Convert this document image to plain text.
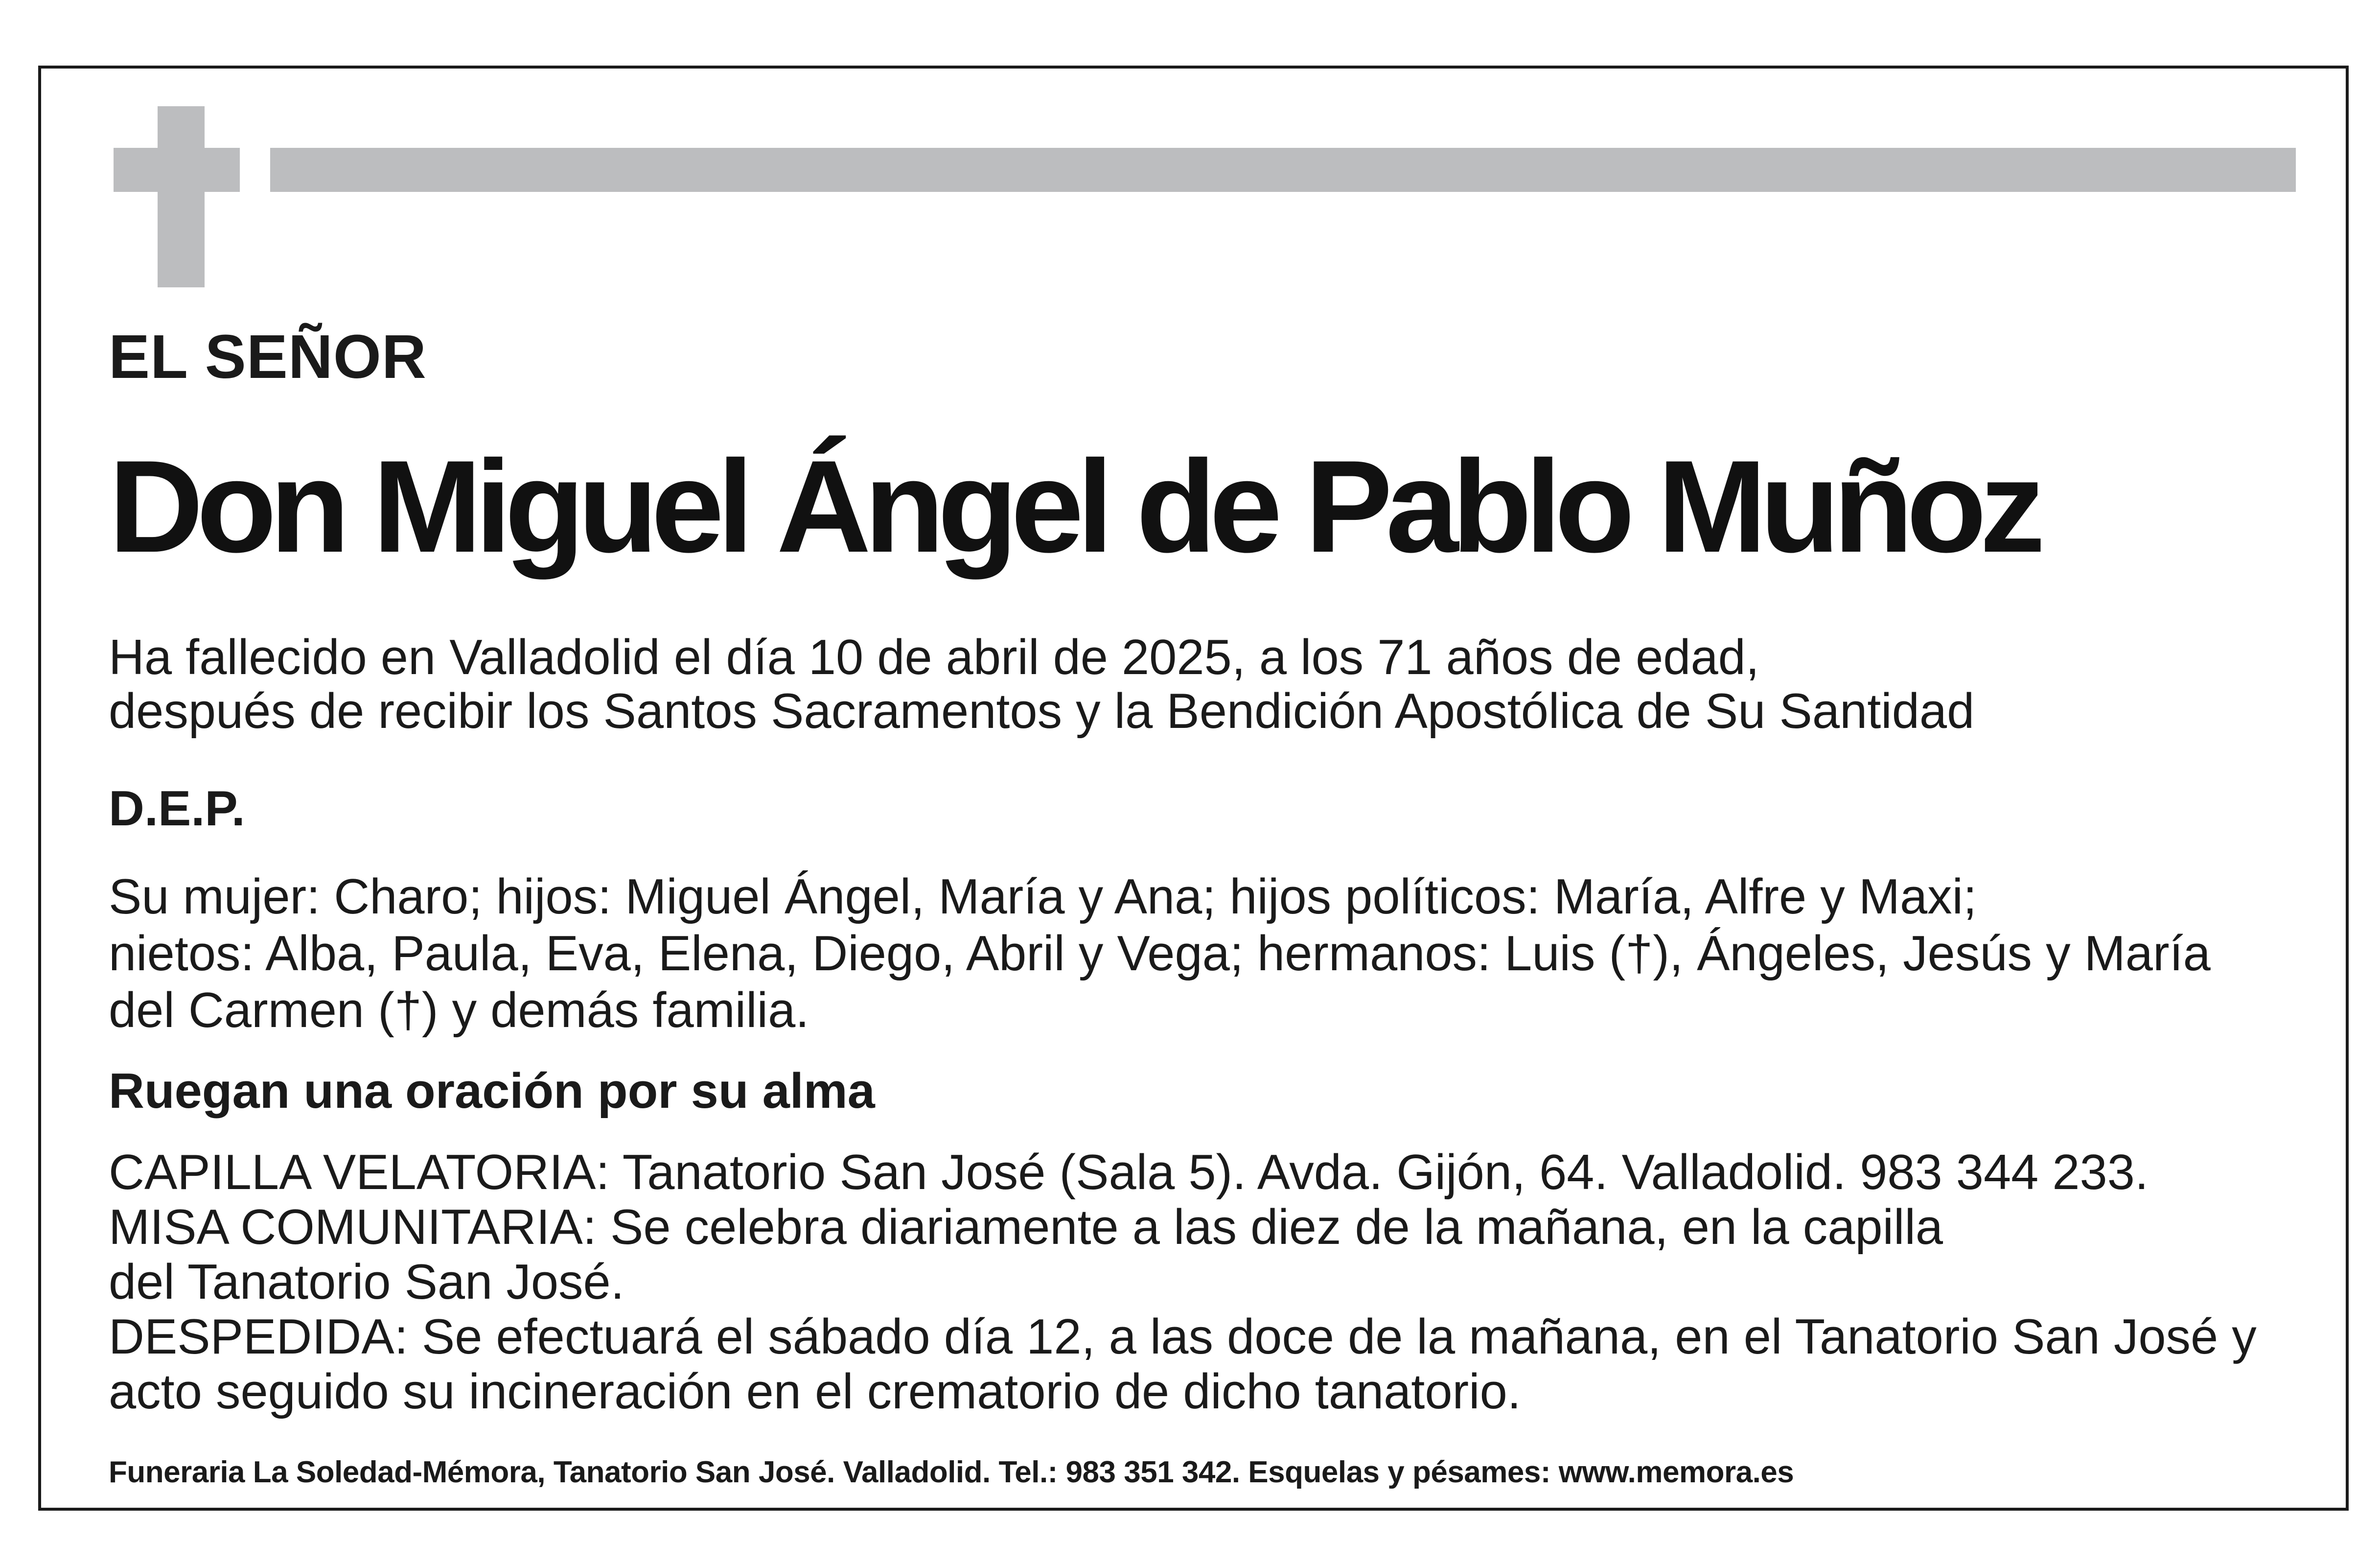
EL SEÑOR
Don Miguel Ángel de Pablo Muñoz
Ha fallecido en Valladolid el día 10 de abril de 2025, a los 71 años de edad,
después de recibir los Santos Sacramentos y la Bendición Apostólica de Su Santidad
D.E.P.
Su mujer: Charo; hijos: Miguel Ángel, María y Ana; hijos políticos: María, Alfre y Maxi;
nietos: Alba, Paula, Eva, Elena, Diego, Abril y Vega; hermanos: Luis (†), Ángeles, Jesús y María
del Carmen (†) y demás familia.
Ruegan una oración por su alma
CAPILLA VELATORIA: Tanatorio San José (Sala 5). Avda. Gijón, 64. Valladolid. 983 344 233.
MISA COMUNITARIA: Se celebra diariamente a las diez de la mañana, en la capilla
del Tanatorio San José.
DESPEDIDA: Se efectuará el sábado día 12, a las doce de la mañana, en el Tanatorio San José y
acto seguido su incineración en el crematorio de dicho tanatorio.
Funeraria La Soledad-Mémora, Tanatorio San José. Valladolid. Tel.: 983 351 342. Esquelas y pésames: www.memora.es
